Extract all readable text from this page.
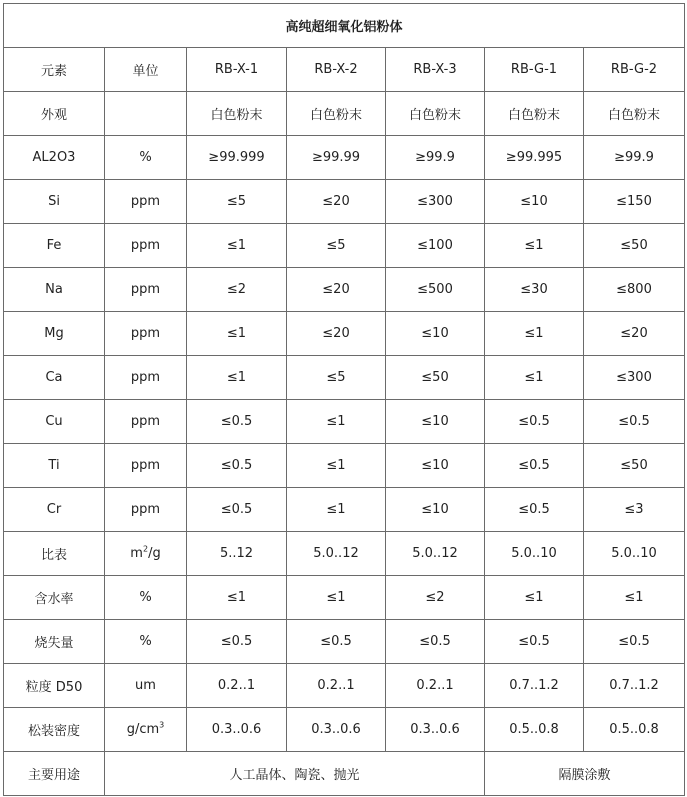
高纯超细氧化铝粉体						
元素	单位	RB-X-1	RB-X-2	RB-X-3	RB-G-1	RB-G-2
外观		白色粉末	白色粉末	白色粉末	白色粉末	白色粉末
AL2O3	%	≥99.999	≥99.99	≥99.9	≥99.995	≥99.9
Si	ppm	≤5	≤20	≤300	≤10	≤150
Fe	ppm	≤1	≤5	≤100	≤1	≤50
Na	ppm	≤2	≤20	≤500	≤30	≤800
Mg	ppm	≤1	≤20	≤10	≤1	≤20
Ca	ppm	≤1	≤5	≤50	≤1	≤300
Cu	ppm	≤0.5	≤1	≤10	≤0.5	≤0.5
Ti	ppm	≤0.5	≤1	≤10	≤0.5	≤50
Cr	ppm	≤0.5	≤1	≤10	≤0.5	≤3
比表	$m^2/g$	5..12	5.0..12	5.0..12	5.0..10	5.0..10
含水率	%	≤1	≤1	≤2	≤1	≤1
烧失量	%	≤0.5	≤0.5	≤0.5	≤0.5	≤0.5
粒度 D50	um	0.2..1	0.2..1	0.2..1	0.7..1.2	0.7..1.2
松装密度	$g/cm^3$	0.3..0.6	0.3..0.6	0.3..0.6	0.5..0.8	0.5..0.8
主要用途	人工晶体、陶瓷、抛光				隔膜涂敷	
